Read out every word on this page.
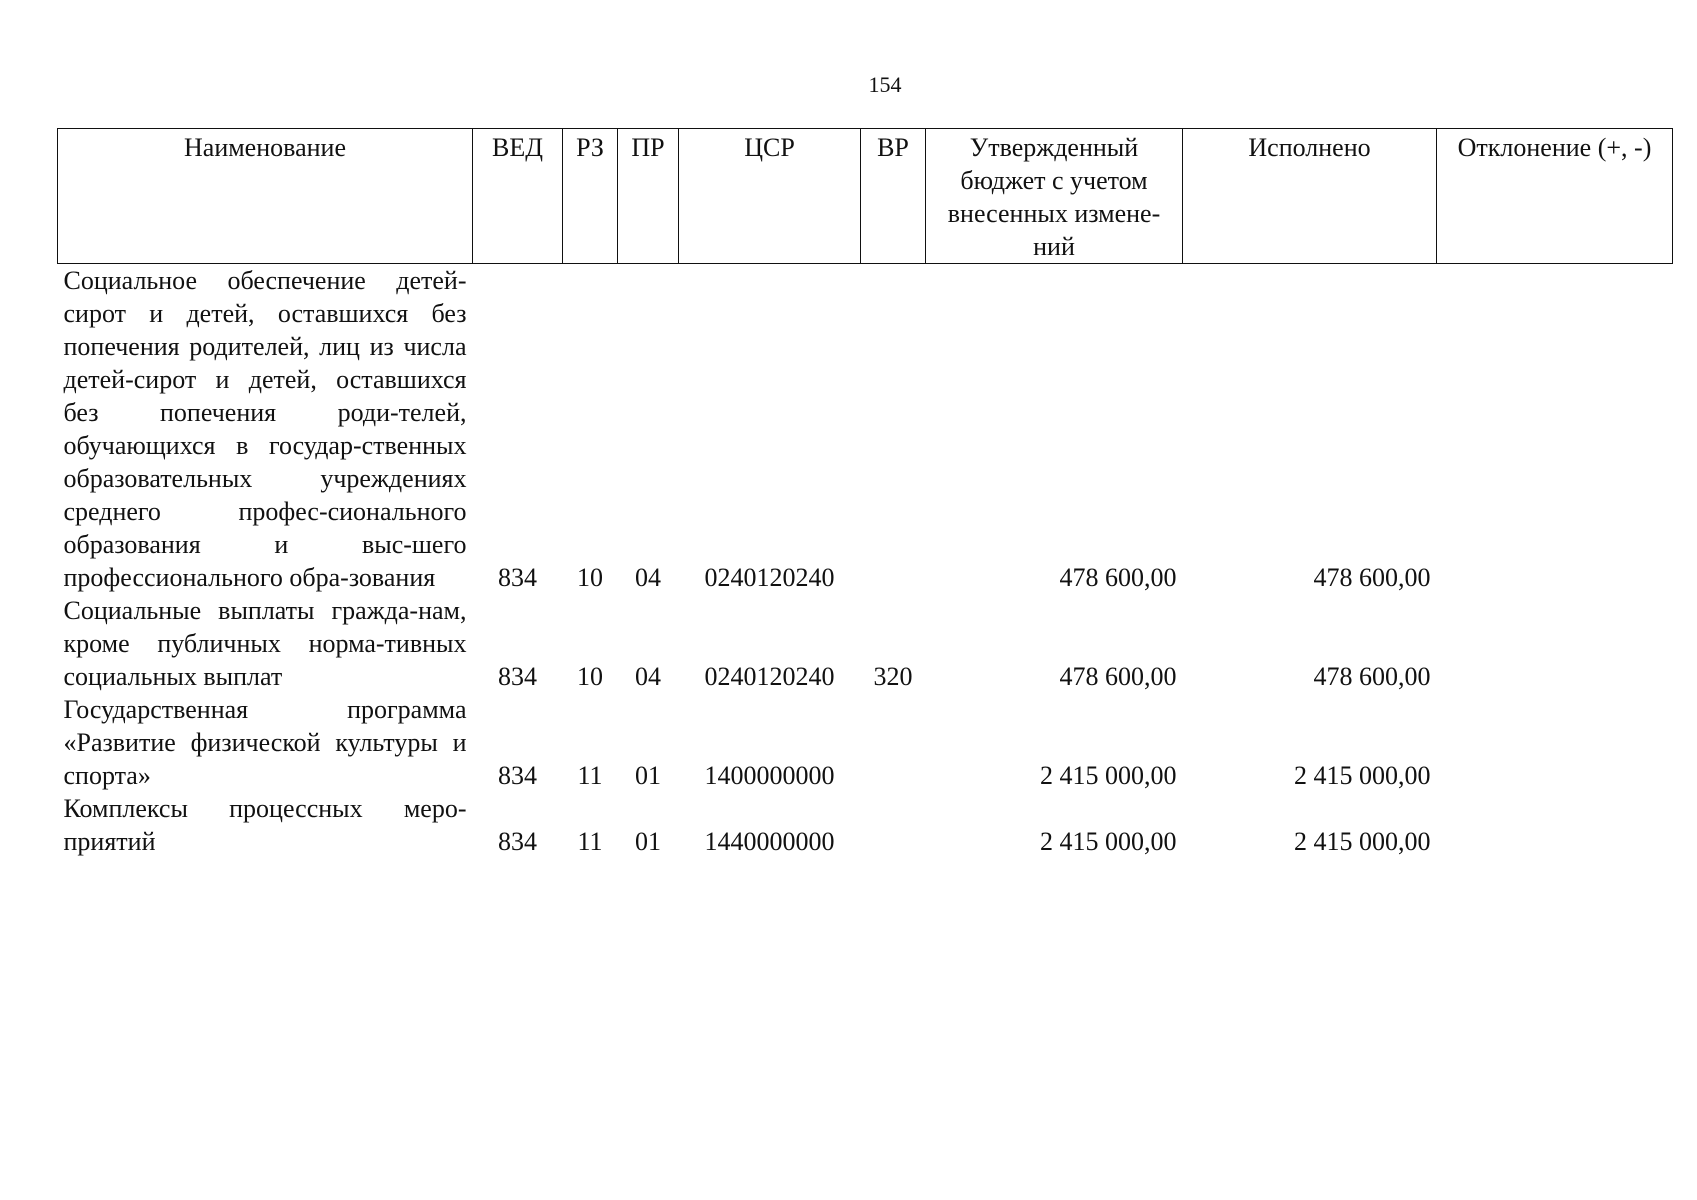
154
Наименование	ВЕД	РЗ	ПР	ЦСР	ВР	Утвержденный бюджет с учетом внесенных измене-ний	Исполнено	Отклонение (+, -)
Социальное обеспечение детей-сирот и детей, оставшихся без попечения родителей, лиц из числа детей-сирот и детей, оставшихся без попечения роди-телей, обучающихся в государ-ственных образовательных учреждениях среднего профес-сионального образования и выс-шего профессионального обра-зования	834	10	04	0240120240		478 600,00	478 600,00	
Социальные выплаты гражда-нам, кроме публичных норма-тивных социальных выплат	834	10	04	0240120240	320	478 600,00	478 600,00	
Государственная программа «Развитие физической культуры и спорта»	834	11	01	1400000000		2 415 000,00	2 415 000,00	
Комплексы процессных меро-приятий	834	11	01	1440000000		2 415 000,00	2 415 000,00	
